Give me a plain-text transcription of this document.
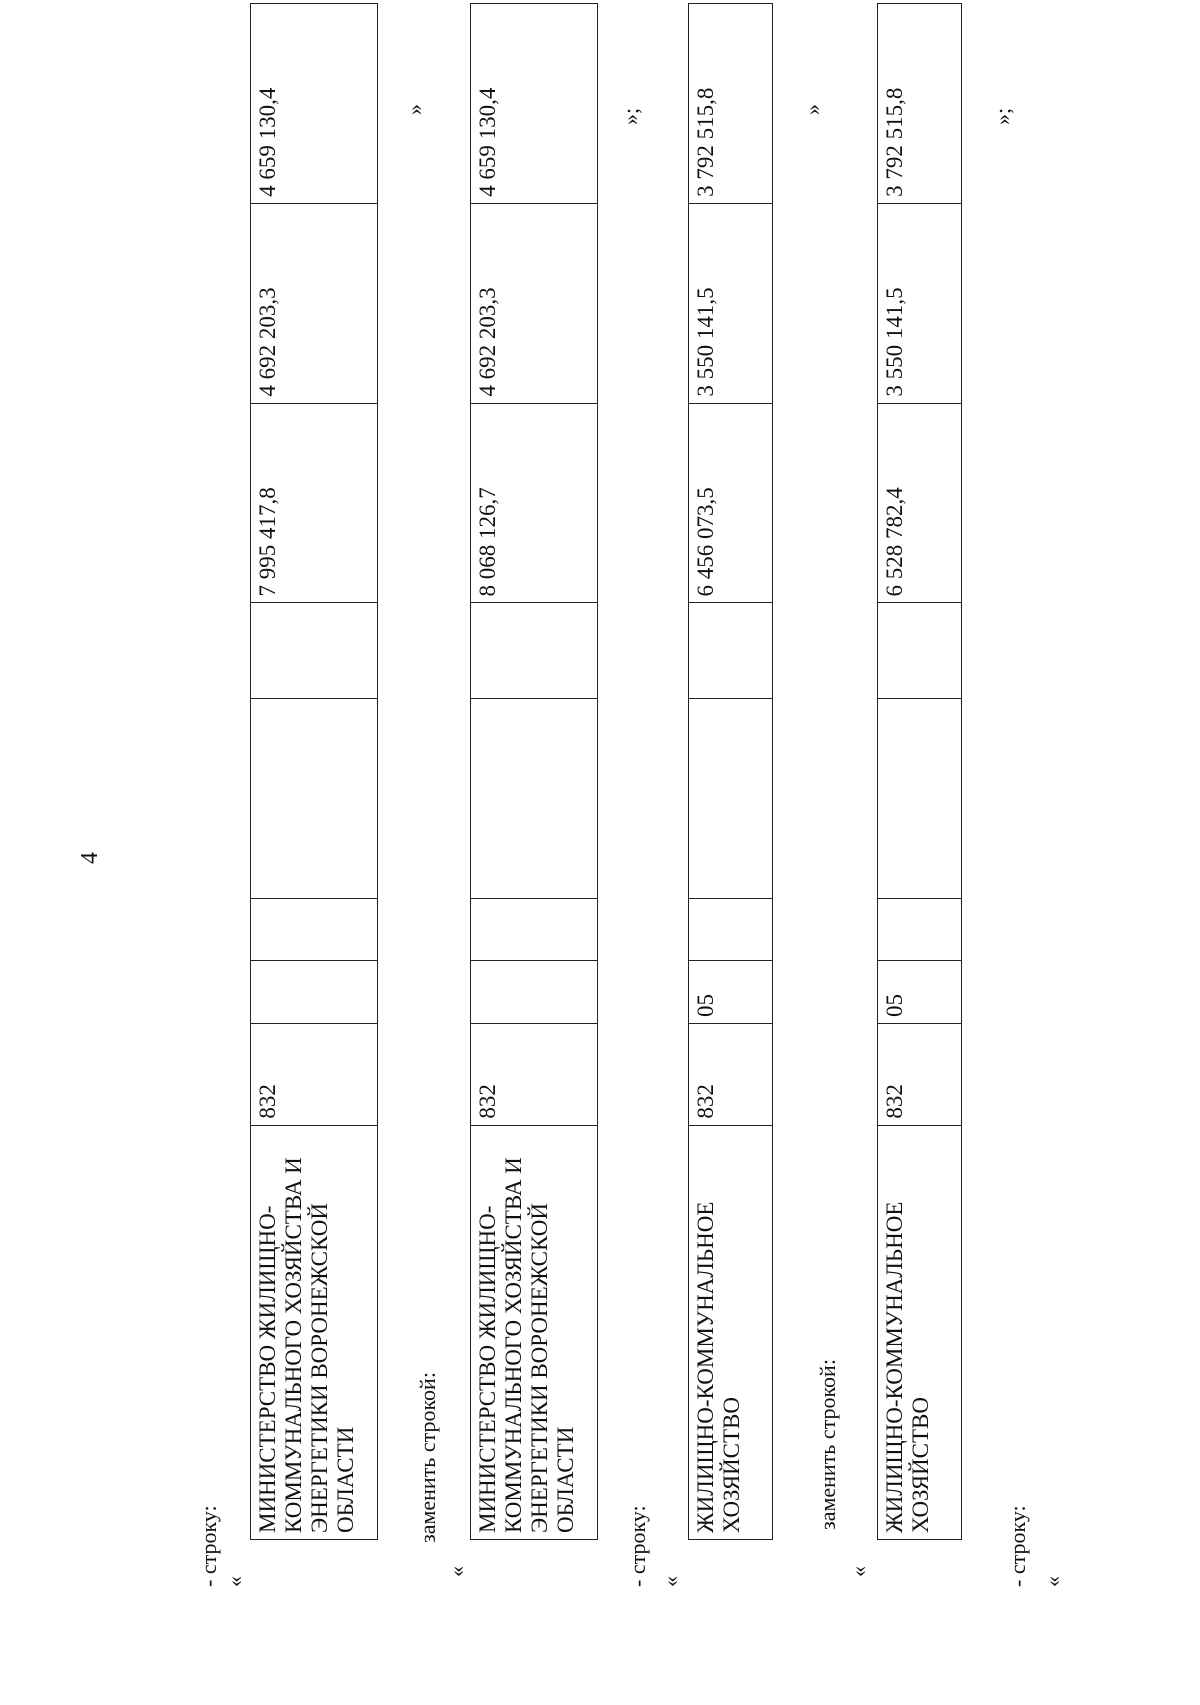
4
- строку: «
МИНИСТЕРСТВО ЖИЛИЩНО-КОММУНАЛЬНОГО ХОЗЯЙСТВА И ЭНЕРГЕТИКИ ВОРОНЕЖСКОЙ ОБЛАСТИ	832					7 995 417,8	4 692 203,3	4 659 130,4	»
заменить строкой:
«
МИНИСТЕРСТВО ЖИЛИЩНО-КОММУНАЛЬНОГО ХОЗЯЙСТВА И ЭНЕРГЕТИКИ ВОРОНЕЖСКОЙ ОБЛАСТИ	832					8 068 126,7	4 692 203,3	4 659 130,4	»;
- строку: «
ЖИЛИЩНО-КОММУНАЛЬНОЕ ХОЗЯЙСТВО	832	05				6 456 073,5	3 550 141,5	3 792 515,8	»
заменить строкой:
«
ЖИЛИЩНО-КОММУНАЛЬНОЕ ХОЗЯЙСТВО	832	05				6 528 782,4	3 550 141,5	3 792 515,8	»;
- строку: «
